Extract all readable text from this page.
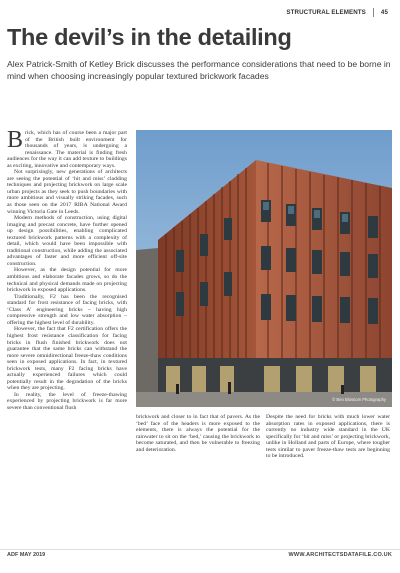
STRUCTURAL ELEMENTS 45
The devil’s in the detailing

Alex Patrick-Smith of Ketley Brick discusses the performance considerations that need to be borne in mind when choosing increasingly popular textured brickwork facades

Brick, which has of course been a major part of the British built environment for thousands of years, is undergoing a renaissance. The material is finding fresh audiences for the way it can add texture to buildings as exciting, innovative and contemporary ways.

Not surprisingly, new generations of architects are seeing the potential of ‘hit and miss’ cladding techniques and projecting brickwork on large scale urban projects as they seek to push boundaries with more ambitious and visually striking facades, such as those seen on the 2017 RIBA National Award winning Victoria Gate in Leeds.

Modern methods of construction, using digital imaging and precast concrete, have further opened up design possibilities, enabling complicated textured brickwork patterns with a complexity of detail, which would have been impossible with traditional construction, while adding the associated advantages of faster and more efficient off-site construction.

However, as the design potential for more ambitious and elaborate facades grows, so do the technical and physical demands made on projecting brickwork in exposed applications.

Traditionally, F2 has been the recognised standard for frost resistance of facing bricks, with ‘Class A’ engineering bricks – having high compressive strength and low water absorption – offering the highest level of durability.

However, the fact that F2 certification offers the highest frost resistance classification for facing bricks in flush finished brickwork does not guarantee that the same bricks can withstand the more severe omnidirectional freeze-thaw conditions seen in exposed applications. In fact, in textured brickwork tests, many F2 facing bricks have actually experienced failures which could potentially result in the degradation of the bricks when they are projecting.

In reality, the level of freeze-thawing experienced by projecting brickwork is far more severe than conventional flush

© Ben Blossom Photography

brickwork and closer to in fact that of pavers. As the ‘bed’ face of the headers is more exposed to the elements, there is always the potential for the rainwater to sit on the ‘bed,’ causing the brickwork to become saturated, and then be vulnerable to freezing and deterioration.

Despite the need for bricks with much lower water absorption rates in exposed applications, there is currently no industry wide standard in the UK specifically for ‘hit and miss’ or projecting brickwork, unlike in Holland and parts of Europe, where tougher tests similar to paver freeze-thaw tests are beginning to be introduced.

ADF MAY 2019	WWW.ARCHITECTSDATAFILE.CO.UK
